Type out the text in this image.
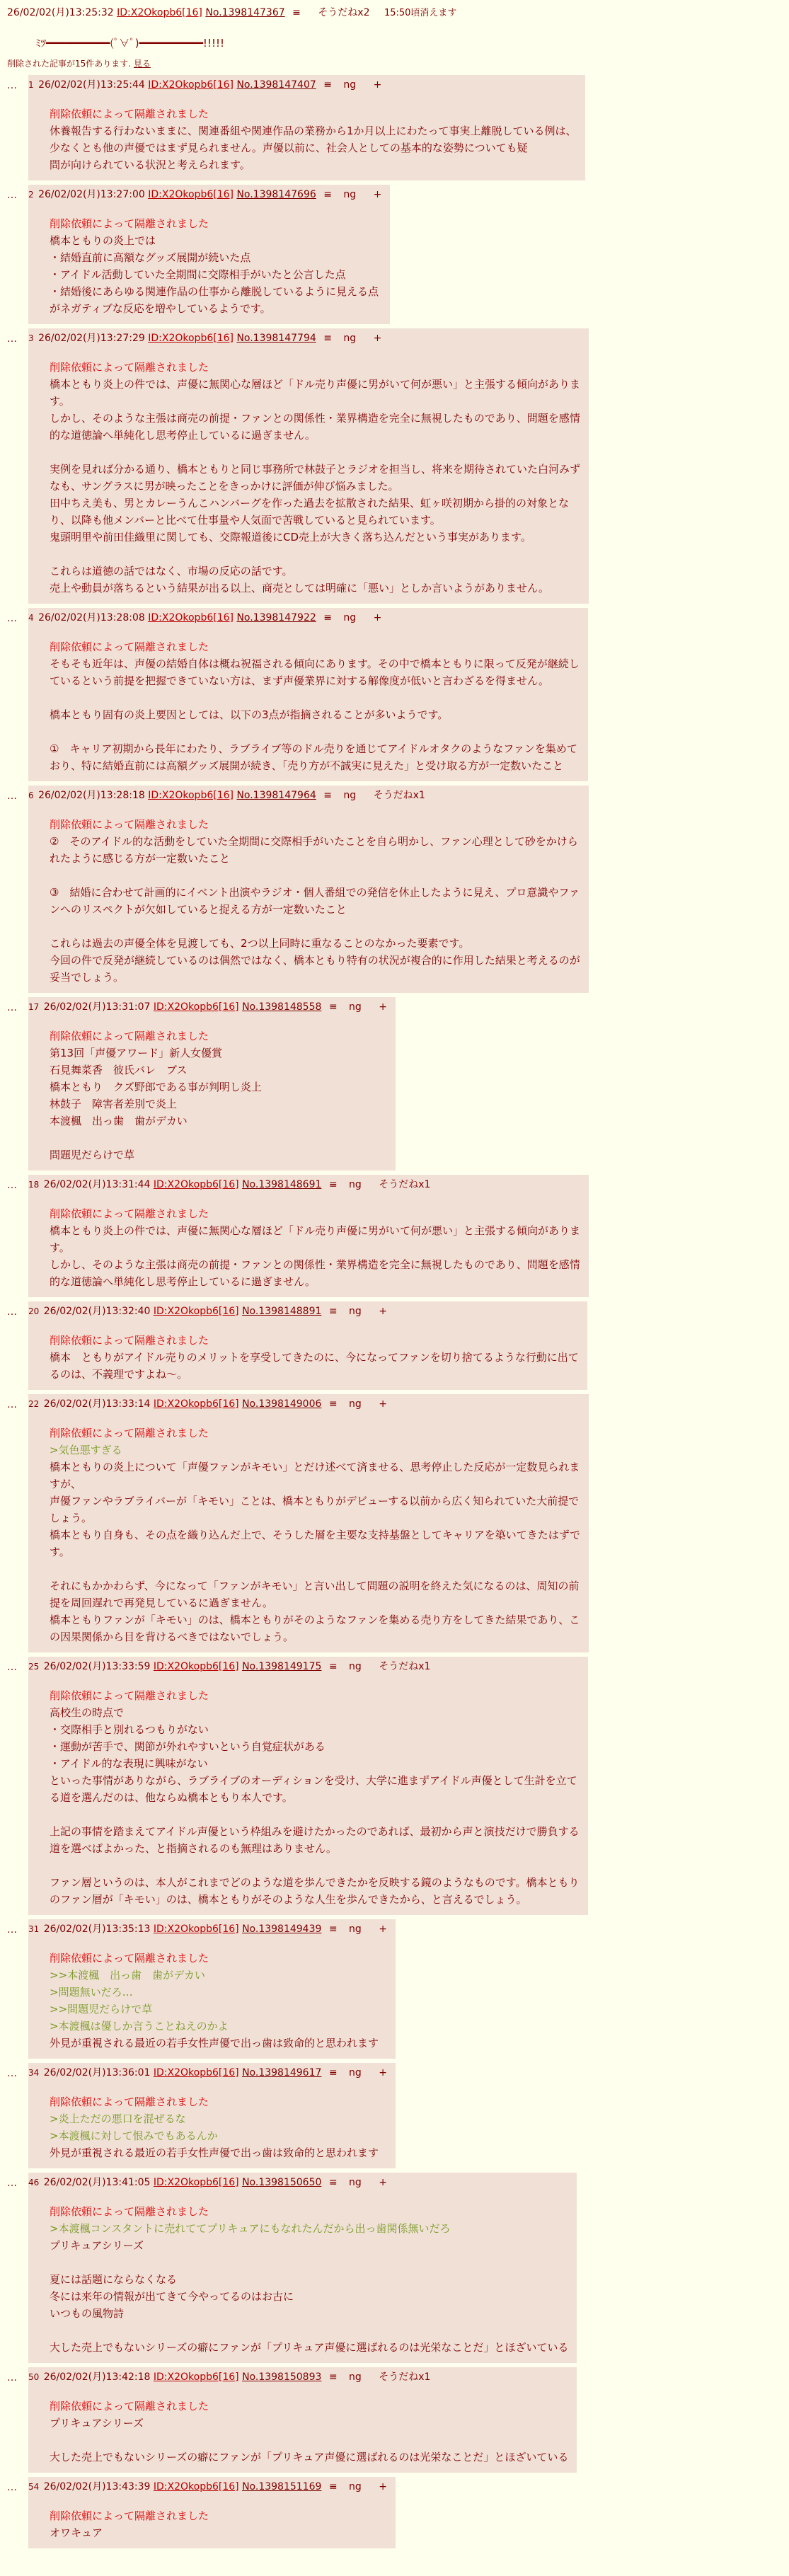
26/02/02(月)13:25:32 ID:X2Okopb6[16] No.1398147367 ≡ そうだねx2 15:50頃消えます
ﾐﾂ━━━━━━━━━━(ﾟ∀ﾟ)━━━━━━━━━━!!!!!
削除された記事が15件あります. 見る
… 1 26/02/02(月)13:25:44 ID:X2Okopb6[16] No.1398147407 ≡ ng +

削除依頼によって隔離されました

休養報告する行わないままに、関連番組や関連作品の業務から1か月以上にわたって事実上離脱している例は、

少なくとも他の声優ではまず見られません。声優以前に、社会人としての基本的な姿勢についても疑

問が向けられている状況と考えられます。

… 2 26/02/02(月)13:27:00 ID:X2Okopb6[16] No.1398147696 ≡ ng +

削除依頼によって隔離されました

橋本ともりの炎上では

・結婚直前に高額なグッズ展開が続いた点

・アイドル活動していた全期間に交際相手がいたと公言した点

・結婚後にあらゆる関連作品の仕事から離脱しているように見える点

がネガティブな反応を増やしているようです。

… 3 26/02/02(月)13:27:29 ID:X2Okopb6[16] No.1398147794 ≡ ng +

削除依頼によって隔離されました

橋本ともり炎上の件では、声優に無関心な層ほど「ドル売り声優に男がいて何が悪い」と主張する傾向がありま

す。

しかし、そのような主張は商売の前提・ファンとの関係性・業界構造を完全に無視したものであり、問題を感情

的な道徳論へ単純化し思考停止しているに過ぎません。

実例を見れば分かる通り、橋本ともりと同じ事務所で林鼓子とラジオを担当し、将来を期待されていた白河みず

なも、サングラスに男が映ったことをきっかけに評価が伸び悩みました。

田中ちえ美も、男とカレーうんこハンバーグを作った過去を拡散された結果、虹ヶ咲初期から掛的の対象とな

り、以降も他メンバーと比べて仕事量や人気面で苦戦していると見られています。

鬼頭明里や前田佳織里に関しても、交際報道後にCD売上が大きく落ち込んだという事実があります。

これらは道徳の話ではなく、市場の反応の話です。

売上や動員が落ちるという結果が出る以上、商売としては明確に「悪い」としか言いようがありません。

… 4 26/02/02(月)13:28:08 ID:X2Okopb6[16] No.1398147922 ≡ ng +

削除依頼によって隔離されました

そもそも近年は、声優の結婚自体は概ね祝福される傾向にあります。その中で橋本ともりに限って反発が継続し

ているという前提を把握できていない方は、まず声優業界に対する解像度が低いと言わざるを得ません。

橋本ともり固有の炎上要因としては、以下の3点が指摘されることが多いようです。

①　キャリア初期から長年にわたり、ラブライブ等のドル売りを通じてアイドルオタクのようなファンを集めて

おり、特に結婚直前には高額グッズ展開が続き、「売り方が不誠実に見えた」と受け取る方が一定数いたこと

… 6 26/02/02(月)13:28:18 ID:X2Okopb6[16] No.1398147964 ≡ ng そうだねx1

削除依頼によって隔離されました

②　そのアイドル的な活動をしていた全期間に交際相手がいたことを自ら明かし、ファン心理として砂をかけら

れたように感じる方が一定数いたこと

③　結婚に合わせて計画的にイベント出演やラジオ・個人番組での発信を休止したように見え、プロ意識やファ

ンへのリスペクトが欠如していると捉える方が一定数いたこと

これらは過去の声優全体を見渡しても、2つ以上同時に重なることのなかった要素です。

今回の件で反発が継続しているのは偶然ではなく、橋本ともり特有の状況が複合的に作用した結果と考えるのが

妥当でしょう。

… 17 26/02/02(月)13:31:07 ID:X2Okopb6[16] No.1398148558 ≡ ng +

削除依頼によって隔離されました

第13回「声優アワード」新人女優賞

石見舞菜香　彼氏バレ　ブス

橋本ともり　クズ野郎である事が判明し炎上

林鼓子　障害者差別で炎上

本渡楓　出っ歯　歯がデカい

問題児だらけで草

… 18 26/02/02(月)13:31:44 ID:X2Okopb6[16] No.1398148691 ≡ ng そうだねx1

削除依頼によって隔離されました

橋本ともり炎上の件では、声優に無関心な層ほど「ドル売り声優に男がいて何が悪い」と主張する傾向がありま

す。

しかし、そのような主張は商売の前提・ファンとの関係性・業界構造を完全に無視したものであり、問題を感情

的な道徳論へ単純化し思考停止しているに過ぎません。

… 20 26/02/02(月)13:32:40 ID:X2Okopb6[16] No.1398148891 ≡ ng +

削除依頼によって隔離されました

橋本　ともりがアイドル売りのメリットを享受してきたのに、今になってファンを切り捨てるような行動に出て

るのは、不義理ですよね〜。

… 22 26/02/02(月)13:33:14 ID:X2Okopb6[16] No.1398149006 ≡ ng +

削除依頼によって隔離されました

>気色悪すぎる

橋本ともりの炎上について「声優ファンがキモい」とだけ述べて済ませる、思考停止した反応が一定数見られま

すが、

声優ファンやラブライバーが「キモい」ことは、橋本ともりがデビューする以前から広く知られていた大前提で

しょう。

橋本ともり自身も、その点を織り込んだ上で、そうした層を主要な支持基盤としてキャリアを築いてきたはずで

す。

それにもかかわらず、今になって「ファンがキモい」と言い出して問題の説明を終えた気になるのは、周知の前

提を周回遅れで再発見しているに過ぎません。

橋本ともりファンが「キモい」のは、橋本ともりがそのようなファンを集める売り方をしてきた結果であり、こ

の因果関係から目を背けるべきではないでしょう。

… 25 26/02/02(月)13:33:59 ID:X2Okopb6[16] No.1398149175 ≡ ng そうだねx1

削除依頼によって隔離されました

高校生の時点で

・交際相手と別れるつもりがない

・運動が苦手で、関節が外れやすいという自覚症状がある

・アイドル的な表現に興味がない

といった事情がありながら、ラブライブのオーディションを受け、大学に進まずアイドル声優として生計を立て

る道を選んだのは、他ならぬ橋本ともり本人です。

上記の事情を踏まえてアイドル声優という枠組みを避けたかったのであれば、最初から声と演技だけで勝負する

道を選べばよかった、と指摘されるのも無理はありません。

ファン層というのは、本人がこれまでどのような道を歩んできたかを反映する鏡のようなものです。橋本ともり

のファン層が「キモい」のは、橋本ともりがそのような人生を歩んできたから、と言えるでしょう。

… 31 26/02/02(月)13:35:13 ID:X2Okopb6[16] No.1398149439 ≡ ng +

削除依頼によって隔離されました

>>本渡楓　出っ歯　歯がデカい

>問題無いだろ…

>>問題児だらけで草

>本渡楓は優しか言うことねえのかよ

外見が重視される最近の若手女性声優で出っ歯は致命的と思われます

… 34 26/02/02(月)13:36:01 ID:X2Okopb6[16] No.1398149617 ≡ ng +

削除依頼によって隔離されました

>炎上ただの悪口を混ぜるな

>本渡楓に対して恨みでもあるんか

外見が重視される最近の若手女性声優で出っ歯は致命的と思われます

… 46 26/02/02(月)13:41:05 ID:X2Okopb6[16] No.1398150650 ≡ ng +

削除依頼によって隔離されました

>本渡楓コンスタントに売れててプリキュアにもなれたんだから出っ歯関係無いだろ

プリキュアシリーズ

夏には話題にならなくなる

冬には来年の情報が出てきて今やってるのはお古に

いつもの風物詩

大した売上でもないシリーズの癖にファンが「プリキュア声優に選ばれるのは光栄なことだ」とほざいている

… 50 26/02/02(月)13:42:18 ID:X2Okopb6[16] No.1398150893 ≡ ng そうだねx1

削除依頼によって隔離されました

プリキュアシリーズ

大した売上でもないシリーズの癖にファンが「プリキュア声優に選ばれるのは光栄なことだ」とほざいている

… 54 26/02/02(月)13:43:39 ID:X2Okopb6[16] No.1398151169 ≡ ng +

削除依頼によって隔離されました

オワキュア
